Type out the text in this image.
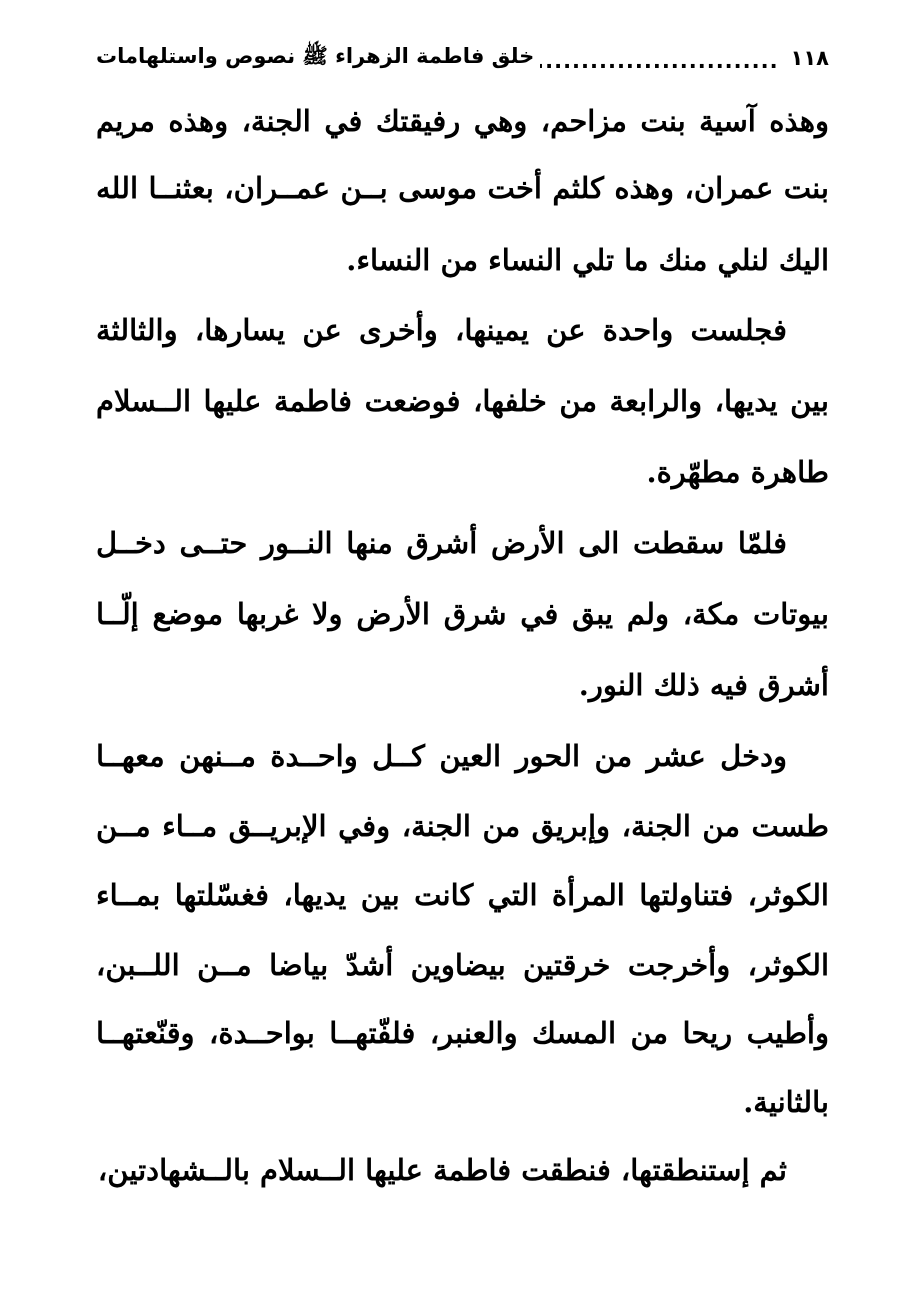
١١٨
.....
خلق فاطمة الزهراء ﷺ نصوص واستلهامات
وهذه آسية بنت مزاحم، وهي رفيقتك في الجنة، وهذه مريم
بنت عمران، وهذه كلثم أخت موسى بــن عمــران، بعثنــا الله
اليك لنلي منك ما تلي النساء من النساء.
فجلست واحدة عن يمينها، وأخرى عن يسارها، والثالثة
بين يديها، والرابعة من خلفها، فوضعت فاطمة عليها الــسلام
طاهرة مطهّرة.
فلمّا سقطت الى الأرض أشرق منها النــور حتــى دخــل
بيوتات مكة، ولم يبق في شرق الأرض ولا غربها موضع إلّــا
أشرق فيه ذلك النور.
ودخل عشر من الحور العين كــل واحــدة مــنهن معهــا
طست من الجنة، وإبريق من الجنة، وفي الإبريــق مــاء مــن
الكوثر، فتناولتها المرأة التي كانت بين يديها، فغسّلتها بمــاء
الكوثر، وأخرجت خرقتين بيضاوين أشدّ بياضا مــن اللــبن،
وأطيب ريحا من المسك والعنبر، فلفّتهــا بواحــدة، وقنّعتهــا
بالثانية.
ثم إستنطقتها، فنطقت فاطمة عليها الــسلام بالــشهادتين،
